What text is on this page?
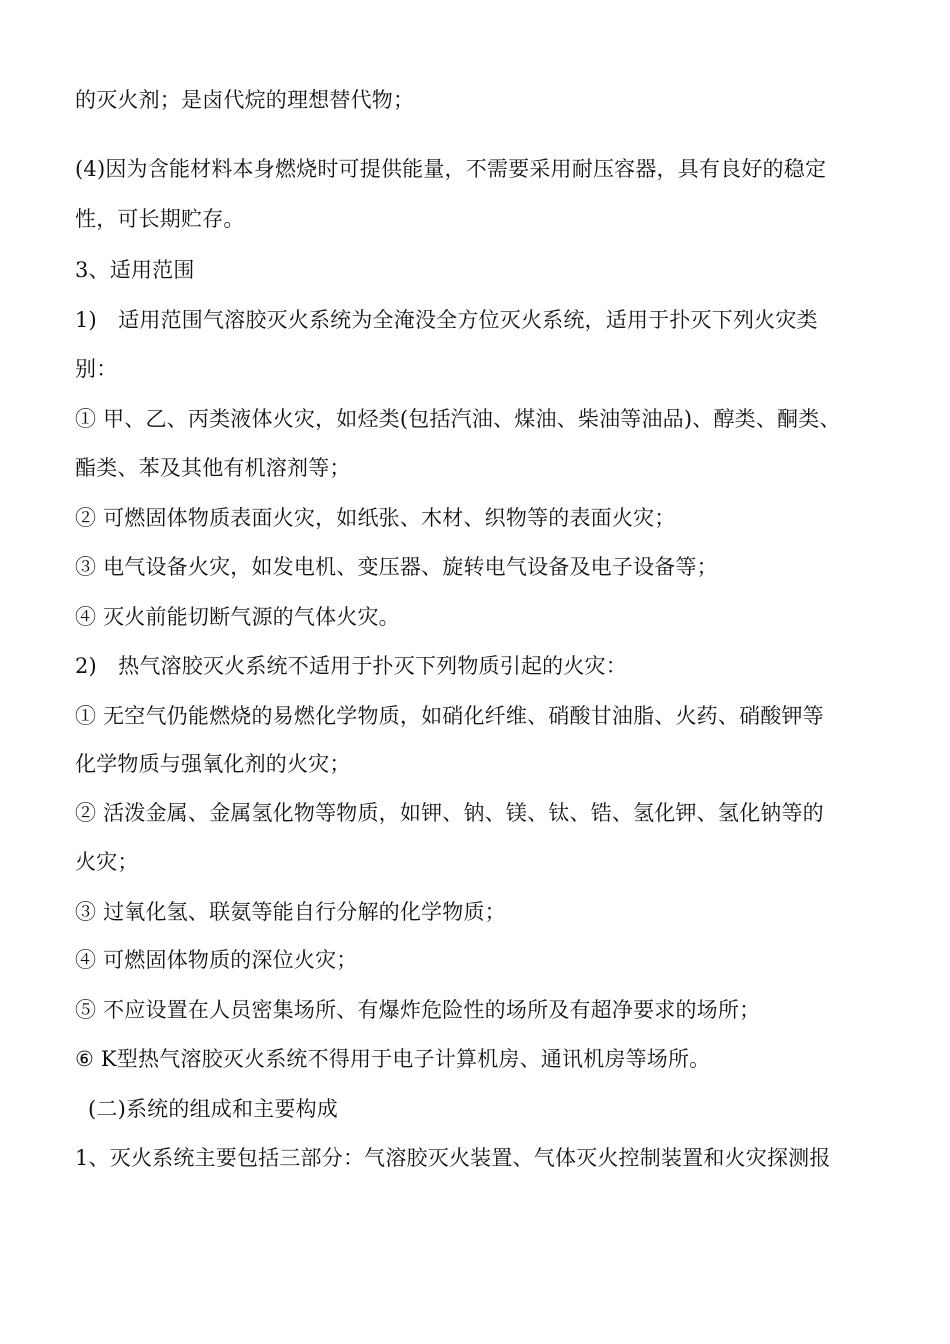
的灭火剂；是卤代烷的理想替代物；
(4)因为含能材料本身燃烧时可提供能量，不需要采用耐压容器，具有良好的稳定
性，可长期贮存。
3、适用范围
1)　适用范围气溶胶灭火系统为全淹没全方位灭火系统，适用于扑灭下列火灾类
别：
① 甲、乙、丙类液体火灾，如烃类(包括汽油、煤油、柴油等油品)、醇类、酮类、
酯类、苯及其他有机溶剂等；
② 可燃固体物质表面火灾，如纸张、木材、织物等的表面火灾；
③ 电气设备火灾，如发电机、变压器、旋转电气设备及电子设备等；
④ 灭火前能切断气源的气体火灾。
2)　热气溶胶灭火系统不适用于扑灭下列物质引起的火灾：
① 无空气仍能燃烧的易燃化学物质，如硝化纤维、硝酸甘油脂、火药、硝酸钾等
化学物质与强氧化剂的火灾；
② 活泼金属、金属氢化物等物质，如钾、钠、镁、钛、锆、氢化钾、氢化钠等的
火灾；
③ 过氧化氢、联氨等能自行分解的化学物质；
④ 可燃固体物质的深位火灾；
⑤ 不应设置在人员密集场所、有爆炸危险性的场所及有超净要求的场所；
⑥ K型热气溶胶灭火系统不得用于电子计算机房、通讯机房等场所。
(二)系统的组成和主要构成
1、灭火系统主要包括三部分：气溶胶灭火装置、气体灭火控制装置和火灾探测报
